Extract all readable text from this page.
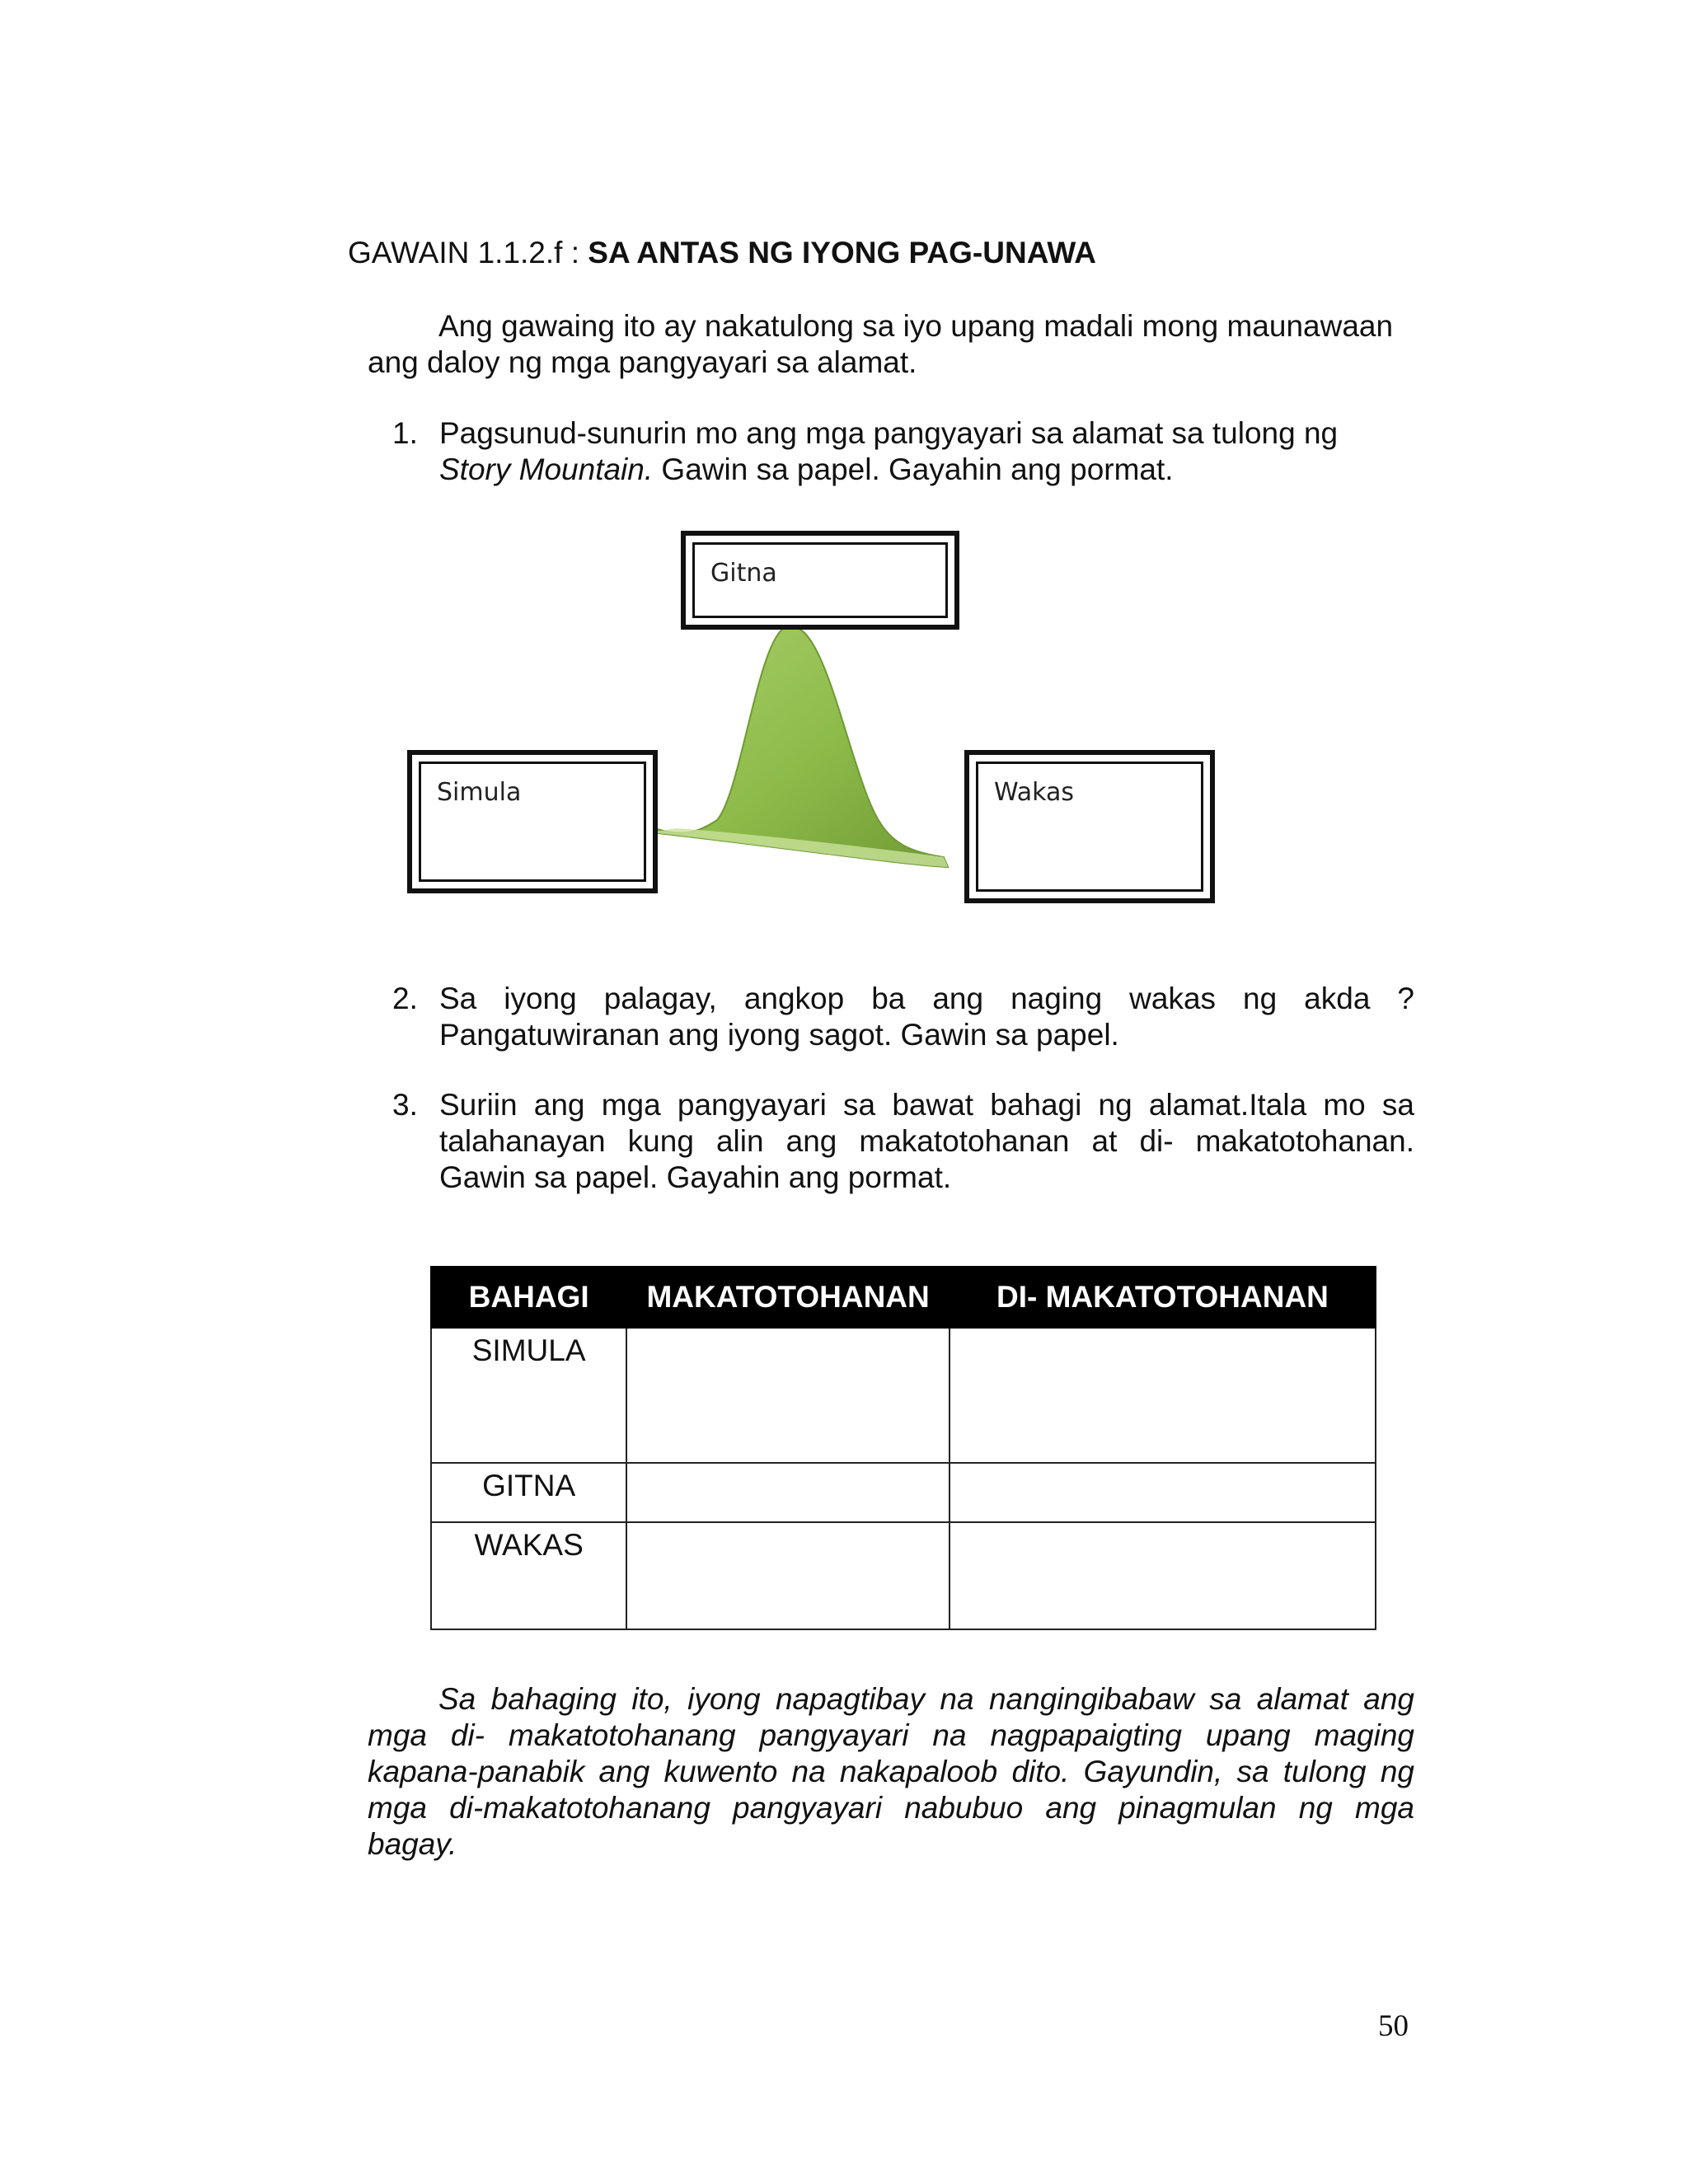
GAWAIN 1.1.2.f : SA ANTAS NG IYONG PAG-UNAWA
Ang gawaing ito ay nakatulong sa iyo upang madali mong maunawaan ang daloy ng mga pangyayari sa alamat.
1. Pagsunud-sunurin mo ang mga pangyayari sa alamat sa tulong ng
Story Mountain. Gawin sa papel. Gayahin ang pormat.
Gitna
Simula	Wakas
2. Sa iyong palagay, angkop ba ang naging wakas ng akda ?
Pangatuwiranan ang iyong sagot. Gawin sa papel.
3. Suriin ang mga pangyayari sa bawat bahagi ng alamat.Itala mo sa
talahanayan kung alin ang makatotohanan at di- makatotohanan.
Gawin sa papel. Gayahin ang pormat.
BAHAGI	MAKATOTOHANAN	DI- MAKATOTOHANAN
SIMULA		
GITNA		
WAKAS		
Sa bahaging ito, iyong napagtibay na nangingibabaw sa alamat ang
mga di- makatotohanang pangyayari na nagpapaigting upang maging
kapana-panabik ang kuwento na nakapaloob dito. Gayundin, sa tulong ng
mga di-makatotohanang pangyayari nabubuo ang pinagmulan ng mga
bagay.
50
